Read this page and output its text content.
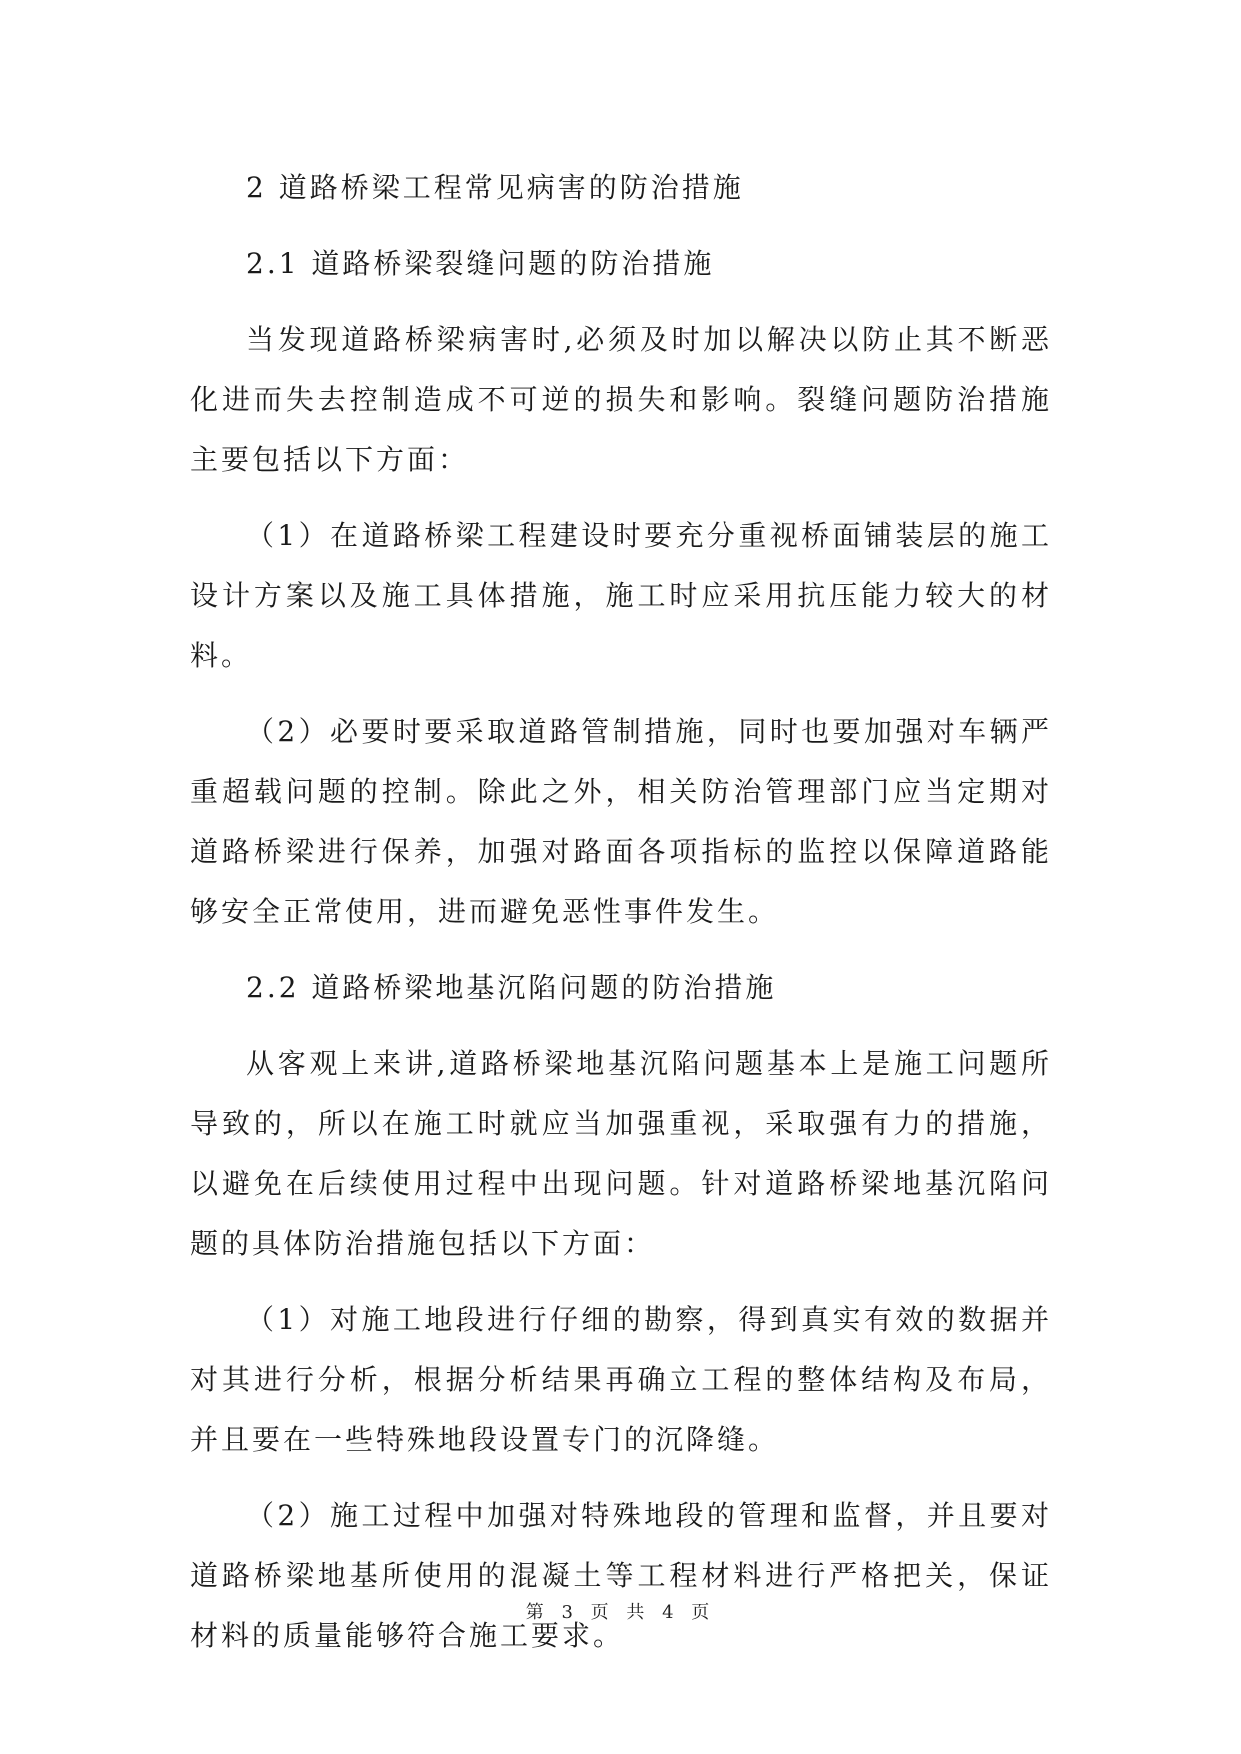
2 道路桥梁工程常见病害的防治措施

2.1 道路桥梁裂缝问题的防治措施

当发现道路桥梁病害时,必须及时加以解决以防止其不断恶化进而失去控制造成不可逆的损失和影响。裂缝问题防治措施主要包括以下方面：

（1）在道路桥梁工程建设时要充分重视桥面铺装层的施工设计方案以及施工具体措施，施工时应采用抗压能力较大的材料。

（2）必要时要采取道路管制措施，同时也要加强对车辆严重超载问题的控制。除此之外，相关防治管理部门应当定期对道路桥梁进行保养，加强对路面各项指标的监控以保障道路能够安全正常使用，进而避免恶性事件发生。

2.2 道路桥梁地基沉陷问题的防治措施

从客观上来讲,道路桥梁地基沉陷问题基本上是施工问题所导致的，所以在施工时就应当加强重视，采取强有力的措施，以避免在后续使用过程中出现问题。针对道路桥梁地基沉陷问题的具体防治措施包括以下方面：

（1）对施工地段进行仔细的勘察，得到真实有效的数据并对其进行分析，根据分析结果再确立工程的整体结构及布局，并且要在一些特殊地段设置专门的沉降缝。

（2）施工过程中加强对特殊地段的管理和监督，并且要对道路桥梁地基所使用的混凝土等工程材料进行严格把关，保证材料的质量能够符合施工要求。

第 3 页 共 4 页
